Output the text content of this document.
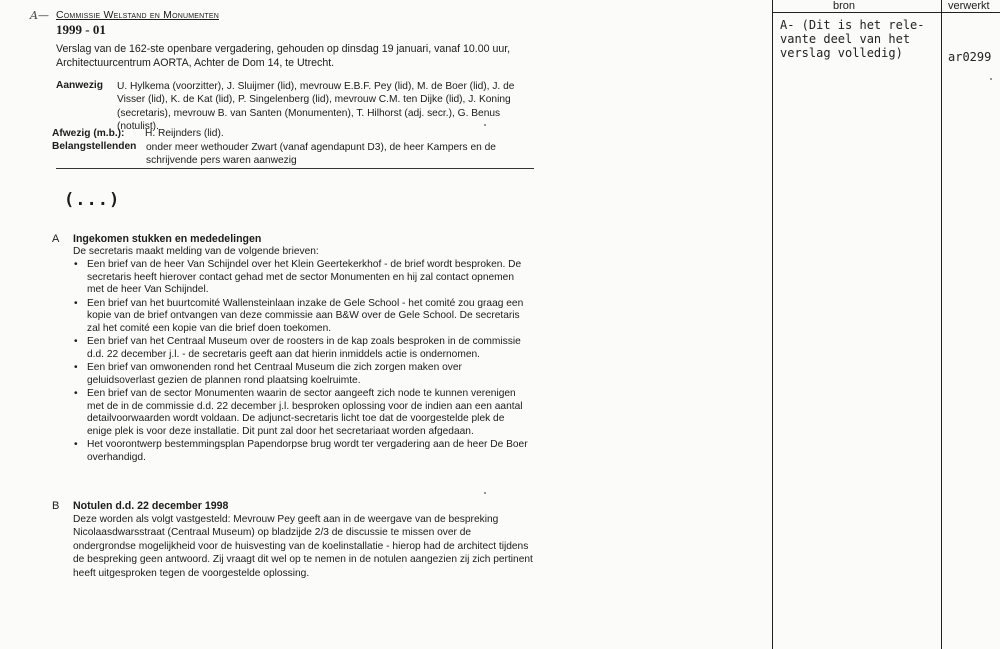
A— Commissie Welstand en Monumenten
1999 - 01
Verslag van de 162-ste openbare vergadering, gehouden op dinsdag 19 januari, vanaf 10.00 uur, Architectuurcentrum AORTA, Achter de Dom 14, te Utrecht.
Aanwezig U. Hylkema (voorzitter), J. Sluijmer (lid), mevrouw E.B.F. Pey (lid), M. de Boer (lid), J. de Visser (lid), K. de Kat (lid), P. Singelenberg (lid), mevrouw C.M. ten Dijke (lid), J. Koning (secretaris), mevrouw B. van Santen (Monumenten), T. Hilhorst (adj. secr.), G. Benus (notulist).
Afwezig (m.b.): H. Reijnders (lid).
Belangstellenden onder meer wethouder Zwart (vanaf agendapunt D3), de heer Kampers en de schrijvende pers waren aanwezig
(...)
A Ingekomen stukken en mededelingen
De secretaris maakt melding van de volgende brieven:
• Een brief van de heer Van Schijndel over het Klein Geertekerkhof - de brief wordt besproken. De secretaris heeft hierover contact gehad met de sector Monumenten en hij zal contact opnemen met de heer Van Schijndel.
• Een brief van het buurtcomité Wallensteinlaan inzake de Gele School - het comité zou graag een kopie van de brief ontvangen van deze commissie aan B&W over de Gele School. De secretaris zal het comité een kopie van die brief doen toekomen.
• Een brief van het Centraal Museum over de roosters in de kap zoals besproken in de commissie d.d. 22 december j.l. - de secretaris geeft aan dat hierin inmiddels actie is ondernomen.
• Een brief van omwonenden rond het Centraal Museum die zich zorgen maken over geluidsoverlast gezien de plannen rond plaatsing koelruimte.
• Een brief van de sector Monumenten waarin de sector aangeeft zich node te kunnen verenigen met de in de commissie d.d. 22 december j.l. besproken oplossing voor de indien aan een aantal detailvoorwaarden wordt voldaan. De adjunct-secretaris licht toe dat de voorgestelde plek de enige plek is voor deze installatie. Dit punt zal door het secretariaat worden afgedaan.
• Het voorontwerp bestemmingsplan Papendorpse brug wordt ter vergadering aan de heer De Boer overhandigd.
B Notulen d.d. 22 december 1998
Deze worden als volgt vastgesteld: Mevrouw Pey geeft aan in de weergave van de bespreking Nicolaasdwarsstraat (Centraal Museum) op bladzijde 2/3 de discussie te missen over de ondergrondse mogelijkheid voor de huisvesting van de koelinstallatie - hierop had de architect tijdens de bespreking geen antwoord. Zij vraagt dit wel op te nemen in de notulen aangezien zij zich pertinent heeft uitgesproken tegen de voorgestelde oplossing.
bron	verwerkt
A- (Dit is het rele-
vante deel van het
verslag volledig)	ar0299
